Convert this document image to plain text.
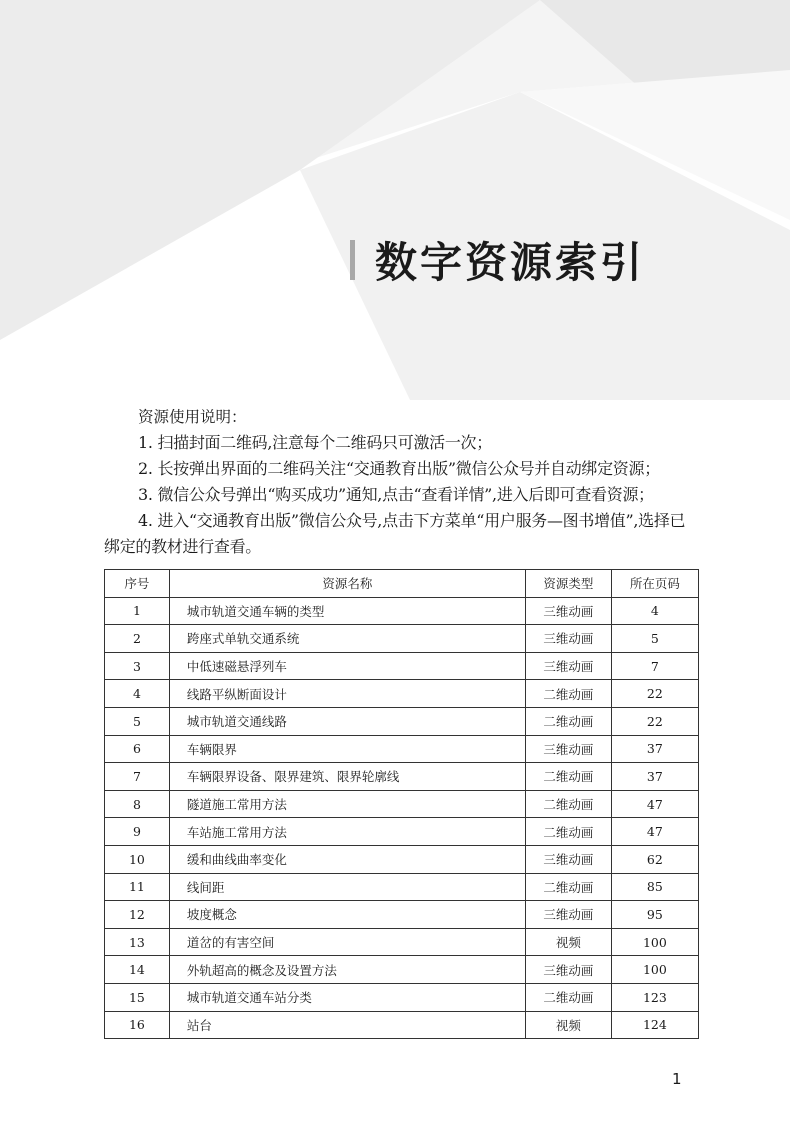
数字资源索引
资源使用说明：
1. 扫描封面二维码,注意每个二维码只可激活一次；
2. 长按弹出界面的二维码关注“交通教育出版”微信公众号并自动绑定资源；
3. 微信公众号弹出“购买成功”通知,点击“查看详情”,进入后即可查看资源；
4. 进入“交通教育出版”微信公众号,点击下方菜单“用户服务—图书增值”,选择已绑定的教材进行查看。
序号	资源名称	资源类型	所在页码
1	城市轨道交通车辆的类型	三维动画	4
2	跨座式单轨交通系统	三维动画	5
3	中低速磁悬浮列车	三维动画	7
4	线路平纵断面设计	二维动画	22
5	城市轨道交通线路	二维动画	22
6	车辆限界	三维动画	37
7	车辆限界设备、限界建筑、限界轮廓线	二维动画	37
8	隧道施工常用方法	二维动画	47
9	车站施工常用方法	二维动画	47
10	缓和曲线曲率变化	三维动画	62
11	线间距	二维动画	85
12	坡度概念	三维动画	95
13	道岔的有害空间	视频	100
14	外轨超高的概念及设置方法	三维动画	100
15	城市轨道交通车站分类	二维动画	123
16	站台	视频	124
1
